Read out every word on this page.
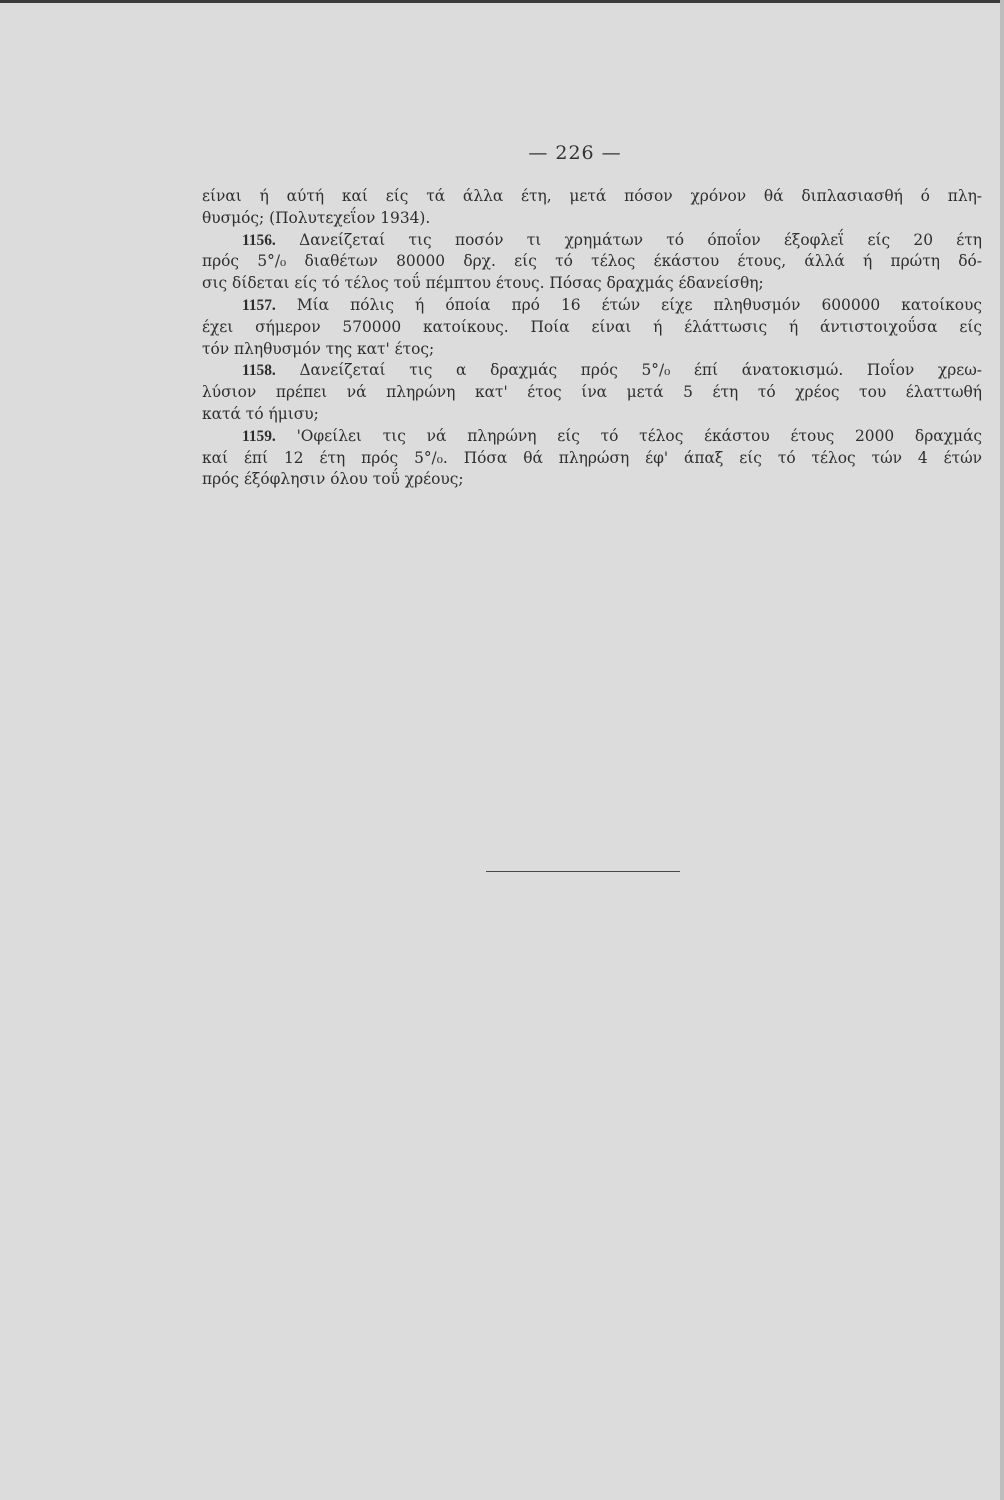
— 226 —
είναι ή αύτή καί είς τά άλλα έτη, μετά πόσον χρόνον θά διπλασιασθή ό πλη-
θυσμός; (Πολυτεχεΐον 1934).
1156. Δανείζεταί τις ποσόν τι χρημάτων τό όποΐον έξοφλεΐ είς 20 έτη
πρός 5°/₀ διαθέτων 80000 δρχ. είς τό τέλος έκάστου έτους, άλλά ή πρώτη δό-
σις δίδεται είς τό τέλος τοΰ πέμπτου έτους. Πόσας δραχμάς έδανείσθη;
1157. Μία πόλις ή όποία πρό 16 έτών είχε πληθυσμόν 600000 κατοίκους
έχει σήμερον 570000 κατοίκους. Ποία είναι ή έλάττωσις ή άντιστοιχοΰσα είς
τόν πληθυσμόν της κατ' έτος;
1158. Δανείζεταί τις α δραχμάς πρός 5°/₀ έπί άνατοκισμώ. Ποΐον χρεω-
λύσιον πρέπει νά πληρώνη κατ' έτος ίνα μετά 5 έτη τό χρέος του έλαττωθή
κατά τό ήμισυ;
1159. 'Οφείλει τις νά πληρώνη είς τό τέλος έκάστου έτους 2000 δραχμάς
καί έπί 12 έτη πρός 5°/₀. Πόσα θά πληρώση έφ' άπαξ είς τό τέλος τών 4 έτών
πρός έξόφλησιν όλου τοΰ χρέους;
